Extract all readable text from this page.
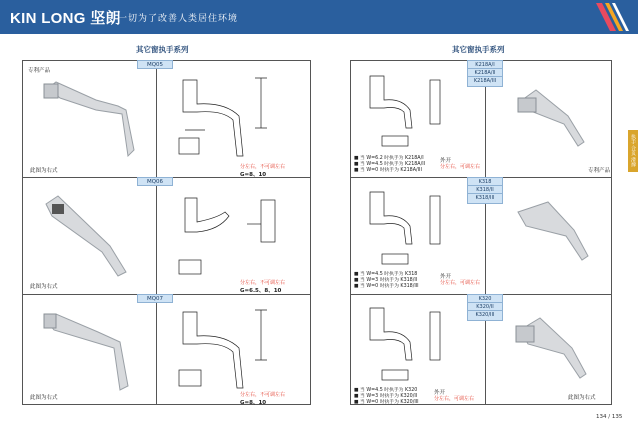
KIN LONG 坚朗
一切为了改善人类居住环境
其它窗执手系列	其它窗执手系列
MQ05
专利产品
此图为右式
分左右，不可调左右
G=8、10
MQ06
此图为右式
分左右，不可调左右
G=6.5、8、10
MQ07
此图为右式	分左右，不可调左右
G=8、10
K218A/I
K218A/II
K218A/III
K318
K318/II
K318/III
K320
K320/II
K320/III
■ 当 W=6.2 时执手为 K218A/I
■ 当 W=4.5 时执手为 K218A/II
■ 当 W=0 时执手为 K218A/III
外开
分左右，可调左右
专利产品
■ 当 W=4.5 时执手为 K318
■ 当 W=3 时执手为 K318/II
■ 当 W=0 时执手为 K318/III
外开
分左右，可调左右
■ 当 W=4.5 时执手为 K320
■ 当 W=3 时执手为 K320/II
■ 当 W=0 时执手为 K320/III
外开
分左右，可调左右	此图为右式
执手 合页 滑撑
134 / 135
